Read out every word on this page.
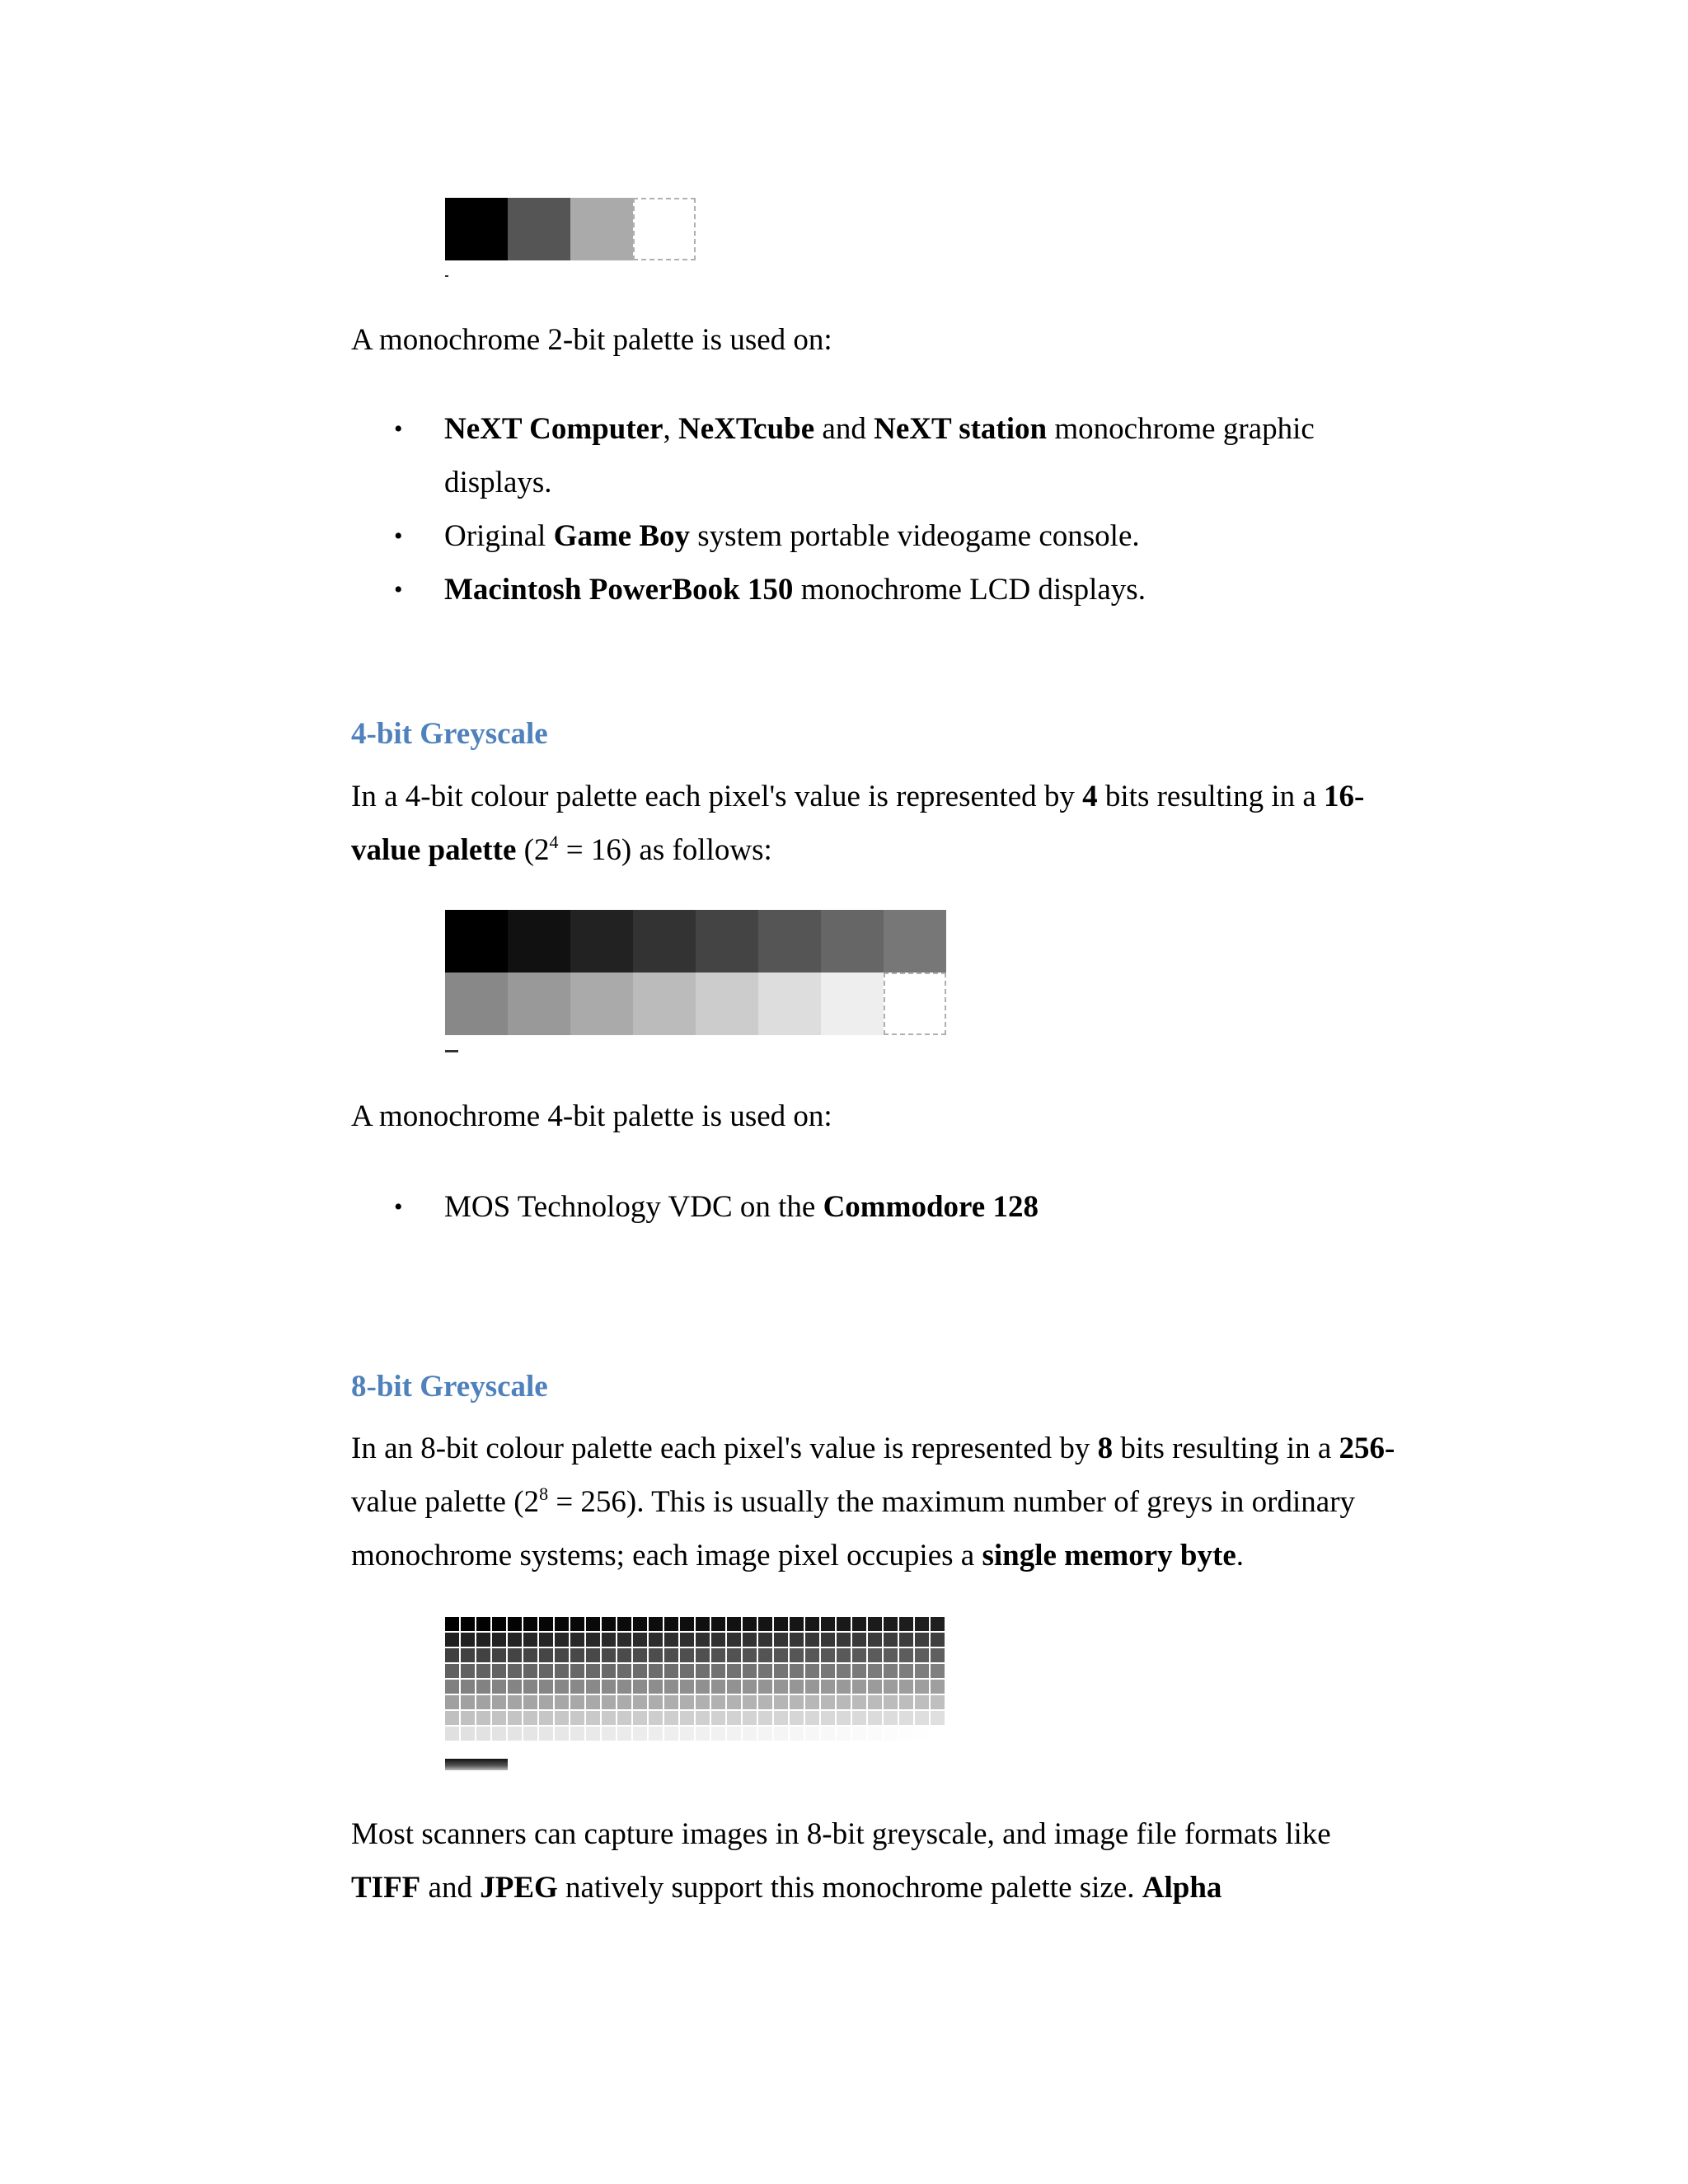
A monochrome 2-bit palette is used on:
• NeXT Computer, NeXTcube and NeXT station monochrome graphic
displays.
• Original Game Boy system portable videogame console.
• Macintosh PowerBook 150 monochrome LCD displays.
4-bit Greyscale
In a 4-bit colour palette each pixel's value is represented by 4 bits resulting in a 16-
value palette $(2^4 = 16)$ as follows:
A monochrome 4-bit palette is used on:
• MOS Technology VDC on the Commodore 128
8-bit Greyscale
In an 8-bit colour palette each pixel's value is represented by 8 bits resulting in a 256-
value palette $(2^8 = 256)$. This is usually the maximum number of greys in ordinary
monochrome systems; each image pixel occupies a single memory byte.
Most scanners can capture images in 8-bit greyscale, and image file formats like
TIFF and JPEG natively support this monochrome palette size. Alpha
